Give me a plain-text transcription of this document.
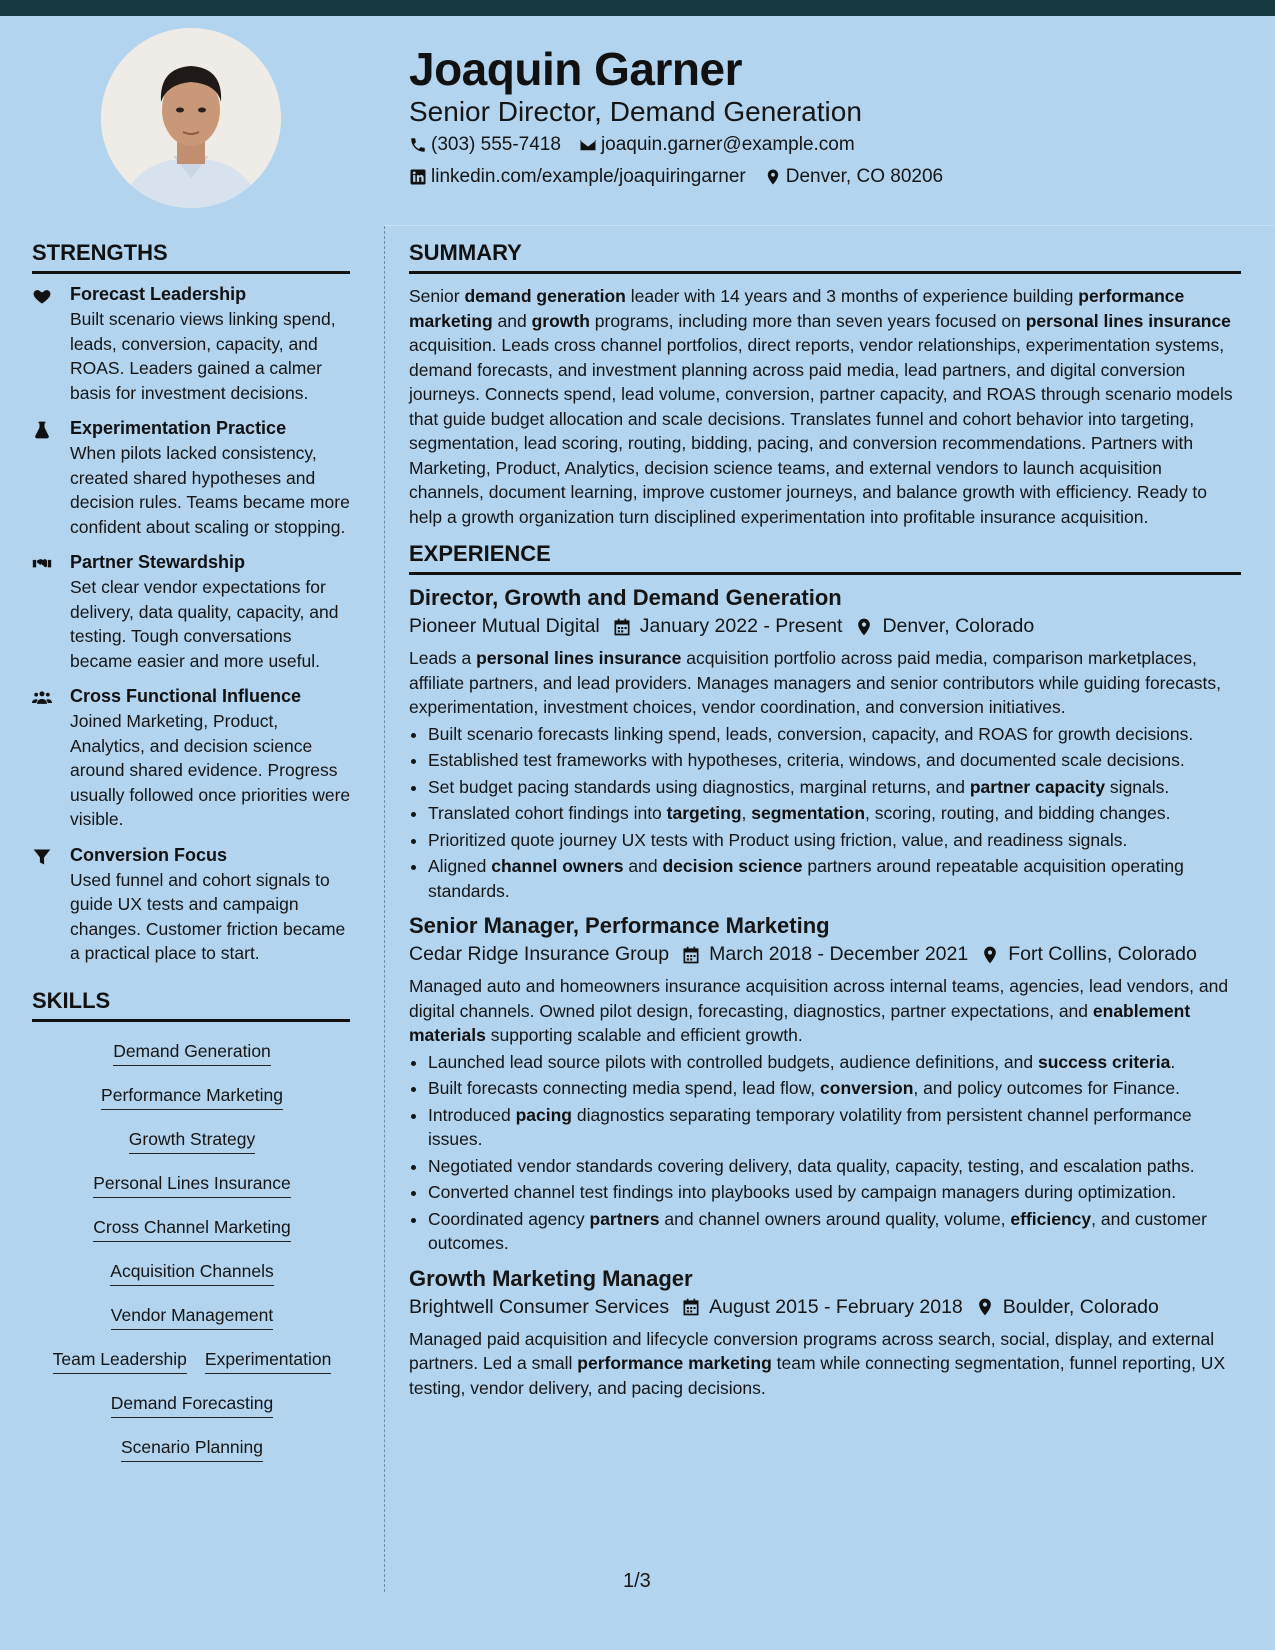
Joaquin Garner
Senior Director, Demand Generation
(303) 555-7418 joaquin.garner@example.com
linkedin.com/example/joaquiringarner Denver, CO 80206
STRENGTHS
Forecast Leadership
Built scenario views linking spend, leads, conversion, capacity, and ROAS. Leaders gained a calmer basis for investment decisions.
Experimentation Practice
When pilots lacked consistency, created shared hypotheses and decision rules. Teams became more confident about scaling or stopping.
Partner Stewardship
Set clear vendor expectations for delivery, data quality, capacity, and testing. Tough conversations became easier and more useful.
Cross Functional Influence
Joined Marketing, Product, Analytics, and decision science around shared evidence. Progress usually followed once priorities were visible.
Conversion Focus
Used funnel and cohort signals to guide UX tests and campaign changes. Customer friction became a practical place to start.
SKILLS
Demand Generation
Performance Marketing
Growth Strategy
Personal Lines Insurance
Cross Channel Marketing
Acquisition Channels
Vendor Management
Team Leadership Experimentation
Demand Forecasting
Scenario Planning
SUMMARY

Senior demand generation leader with 14 years and 3 months of experience building performance marketing and growth programs, including more than seven years focused on personal lines insurance acquisition. Leads cross channel portfolios, direct reports, vendor relationships, experimentation systems, demand forecasts, and investment planning across paid media, lead partners, and digital conversion journeys. Connects spend, lead volume, conversion, partner capacity, and ROAS through scenario models that guide budget allocation and scale decisions. Translates funnel and cohort behavior into targeting, segmentation, lead scoring, routing, bidding, pacing, and conversion recommendations. Partners with Marketing, Product, Analytics, decision science teams, and external vendors to launch acquisition channels, document learning, improve customer journeys, and balance growth with efficiency. Ready to help a growth organization turn disciplined experimentation into profitable insurance acquisition.

EXPERIENCE
Director, Growth and Demand Generation
Pioneer Mutual Digital January 2022 - Present Denver, Colorado

Leads a personal lines insurance acquisition portfolio across paid media, comparison marketplaces, affiliate partners, and lead providers. Manages managers and senior contributors while guiding forecasts, experimentation, investment choices, vendor coordination, and conversion initiatives.

• Built scenario forecasts linking spend, leads, conversion, capacity, and ROAS for growth decisions.
• Established test frameworks with hypotheses, criteria, windows, and documented scale decisions.
• Set budget pacing standards using diagnostics, marginal returns, and partner capacity signals.
• Translated cohort findings into targeting, segmentation, scoring, routing, and bidding changes.
• Prioritized quote journey UX tests with Product using friction, value, and readiness signals.
• Aligned channel owners and decision science partners around repeatable acquisition operating standards.
Senior Manager, Performance Marketing
Cedar Ridge Insurance Group March 2018 - December 2021 Fort Collins, Colorado

Managed auto and homeowners insurance acquisition across internal teams, agencies, lead vendors, and digital channels. Owned pilot design, forecasting, diagnostics, partner expectations, and enablement materials supporting scalable and efficient growth.

• Launched lead source pilots with controlled budgets, audience definitions, and success criteria.
• Built forecasts connecting media spend, lead flow, conversion, and policy outcomes for Finance.
• Introduced pacing diagnostics separating temporary volatility from persistent channel performance issues.
• Negotiated vendor standards covering delivery, data quality, capacity, testing, and escalation paths.
• Converted channel test findings into playbooks used by campaign managers during optimization.
• Coordinated agency partners and channel owners around quality, volume, efficiency, and customer outcomes.
Growth Marketing Manager
Brightwell Consumer Services August 2015 - February 2018 Boulder, Colorado

Managed paid acquisition and lifecycle conversion programs across search, social, display, and external partners. Led a small performance marketing team while connecting segmentation, funnel reporting, UX testing, vendor delivery, and pacing decisions.

1/3
